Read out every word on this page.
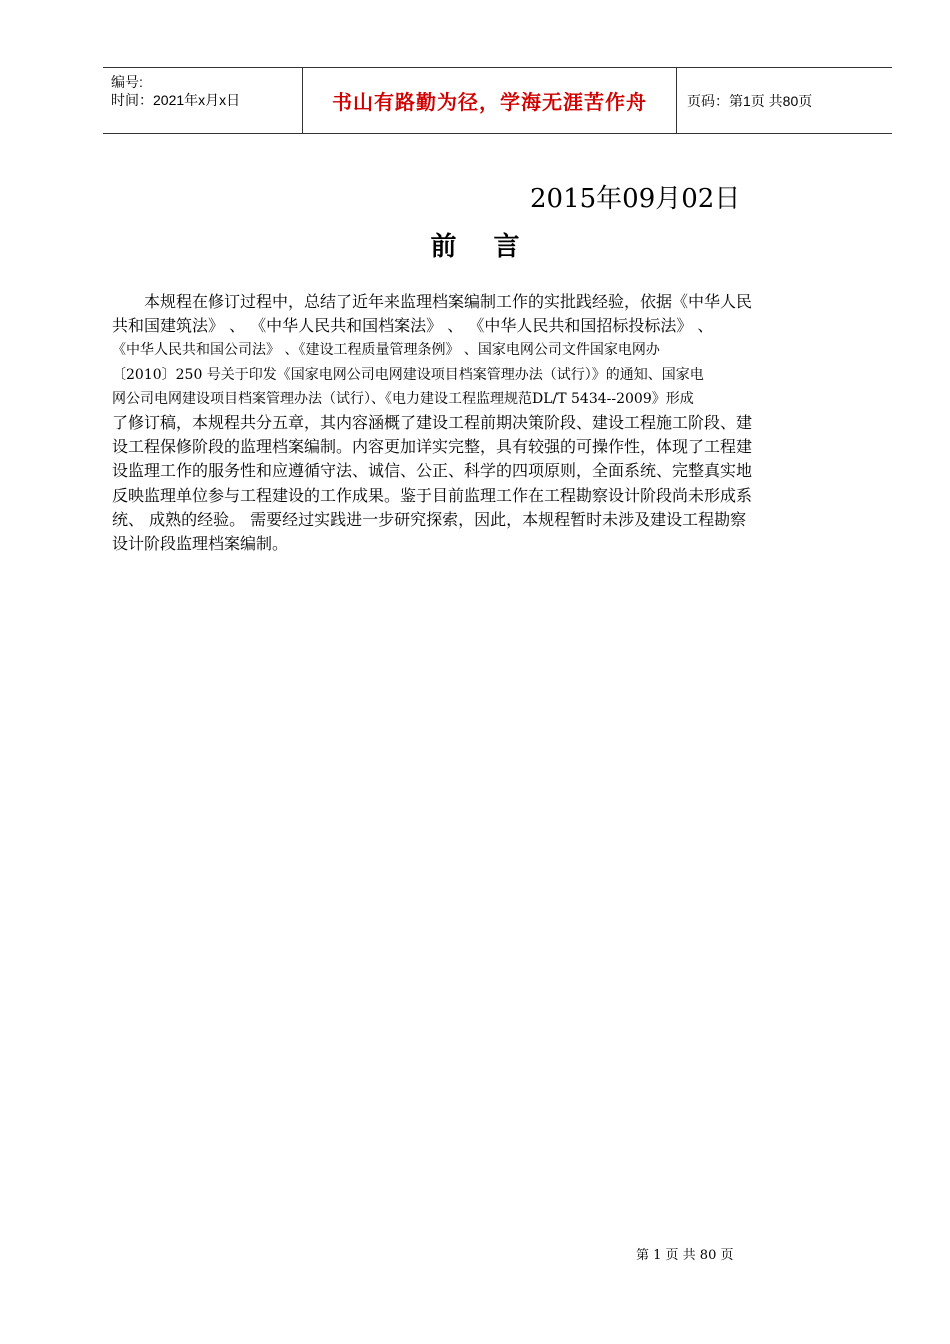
编号:
时间：2021年x月x日	书山有路勤为径，学海无涯苦作舟	页码：第1页 共80页
2015年09月02日
前 言
　　本规程在修订过程中，总结了近年来监理档案编制工作的实批践经验，依据《中华人民
共和国建筑法》 、 《中华人民共和国档案法》 、 《中华人民共和国招标投标法》 、
《中华人民共和国公司法》 、《建设工程质量管理条例》 、国家电网公司文件国家电网办
〔2010〕250 号关于印发《国家电网公司电网建设项目档案管理办法（试行）》的通知、国家电
网公司电网建设项目档案管理办法（试行）、《电力建设工程监理规范DL/T 5434--2009》形成
了修订稿，本规程共分五章，其内容涵概了建设工程前期决策阶段、建设工程施工阶段、建
设工程保修阶段的监理档案编制。内容更加详实完整，具有较强的可操作性，体现了工程建
设监理工作的服务性和应遵循守法、诚信、公正、科学的四项原则，全面系统、完整真实地
反映监理单位参与工程建设的工作成果。鉴于目前监理工作在工程勘察设计阶段尚未形成系
统、 成熟的经验。 需要经过实践进一步研究探索，因此，本规程暂时未涉及建设工程勘察
设计阶段监理档案编制。
第 1 页 共 80 页
